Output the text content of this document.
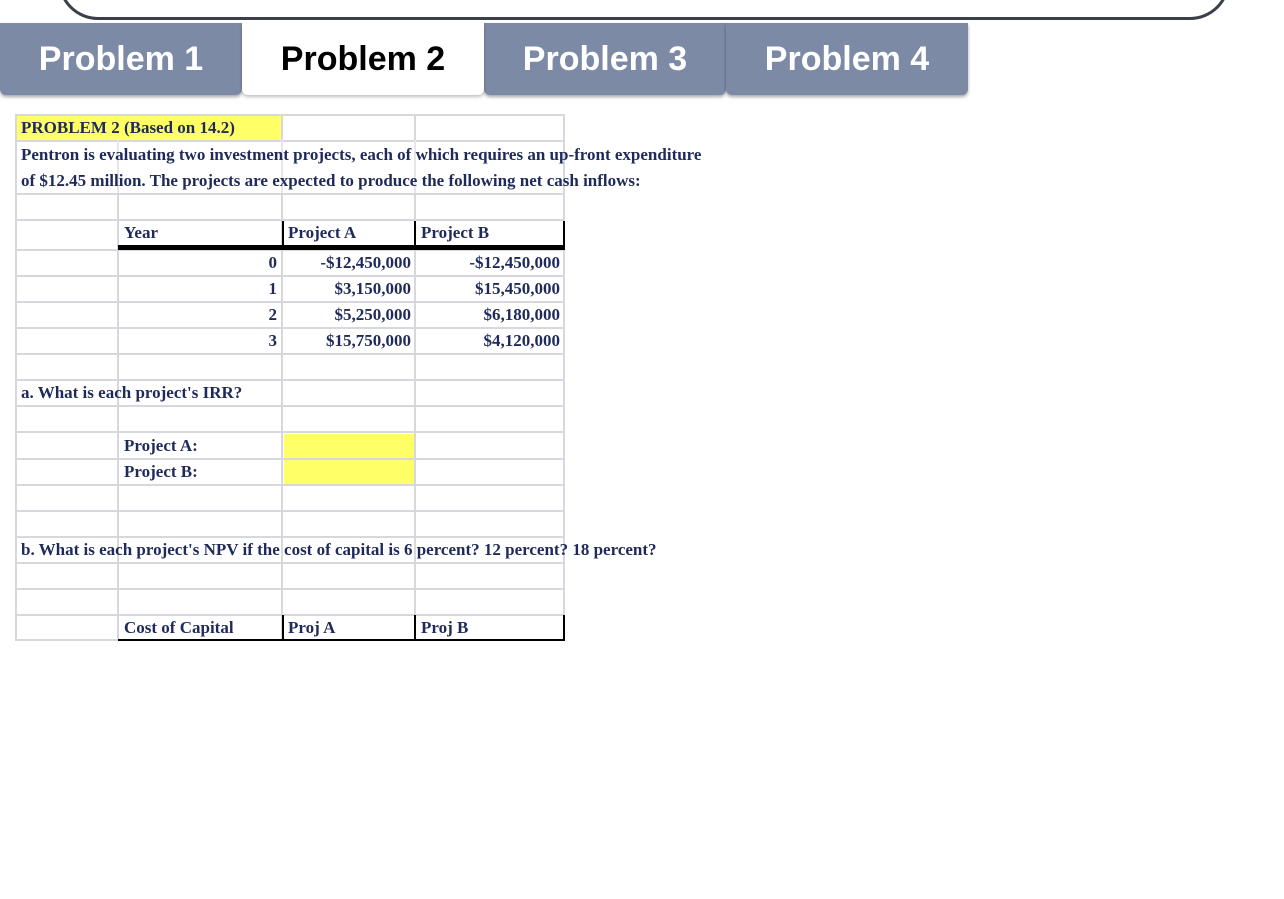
Problem 1	Problem 3	Problem 4
Problem 2
PROBLEM 2 (Based on 14.2)
Pentron is evaluating two investment projects, each of which requires an up-front expenditure
of $12.45 million. The projects are expected to produce the following net cash inflows:
Year	Project A	Project B
0	-$12,450,000	-$12,450,000
1	$3,150,000	$15,450,000
2	$5,250,000	$6,180,000
3	$15,750,000	$4,120,000
a. What is each project's IRR?
Project A:
Project B:
b. What is each project's NPV if the cost of capital is 6 percent? 12 percent? 18 percent?
Cost of Capital	Proj A	Proj B
